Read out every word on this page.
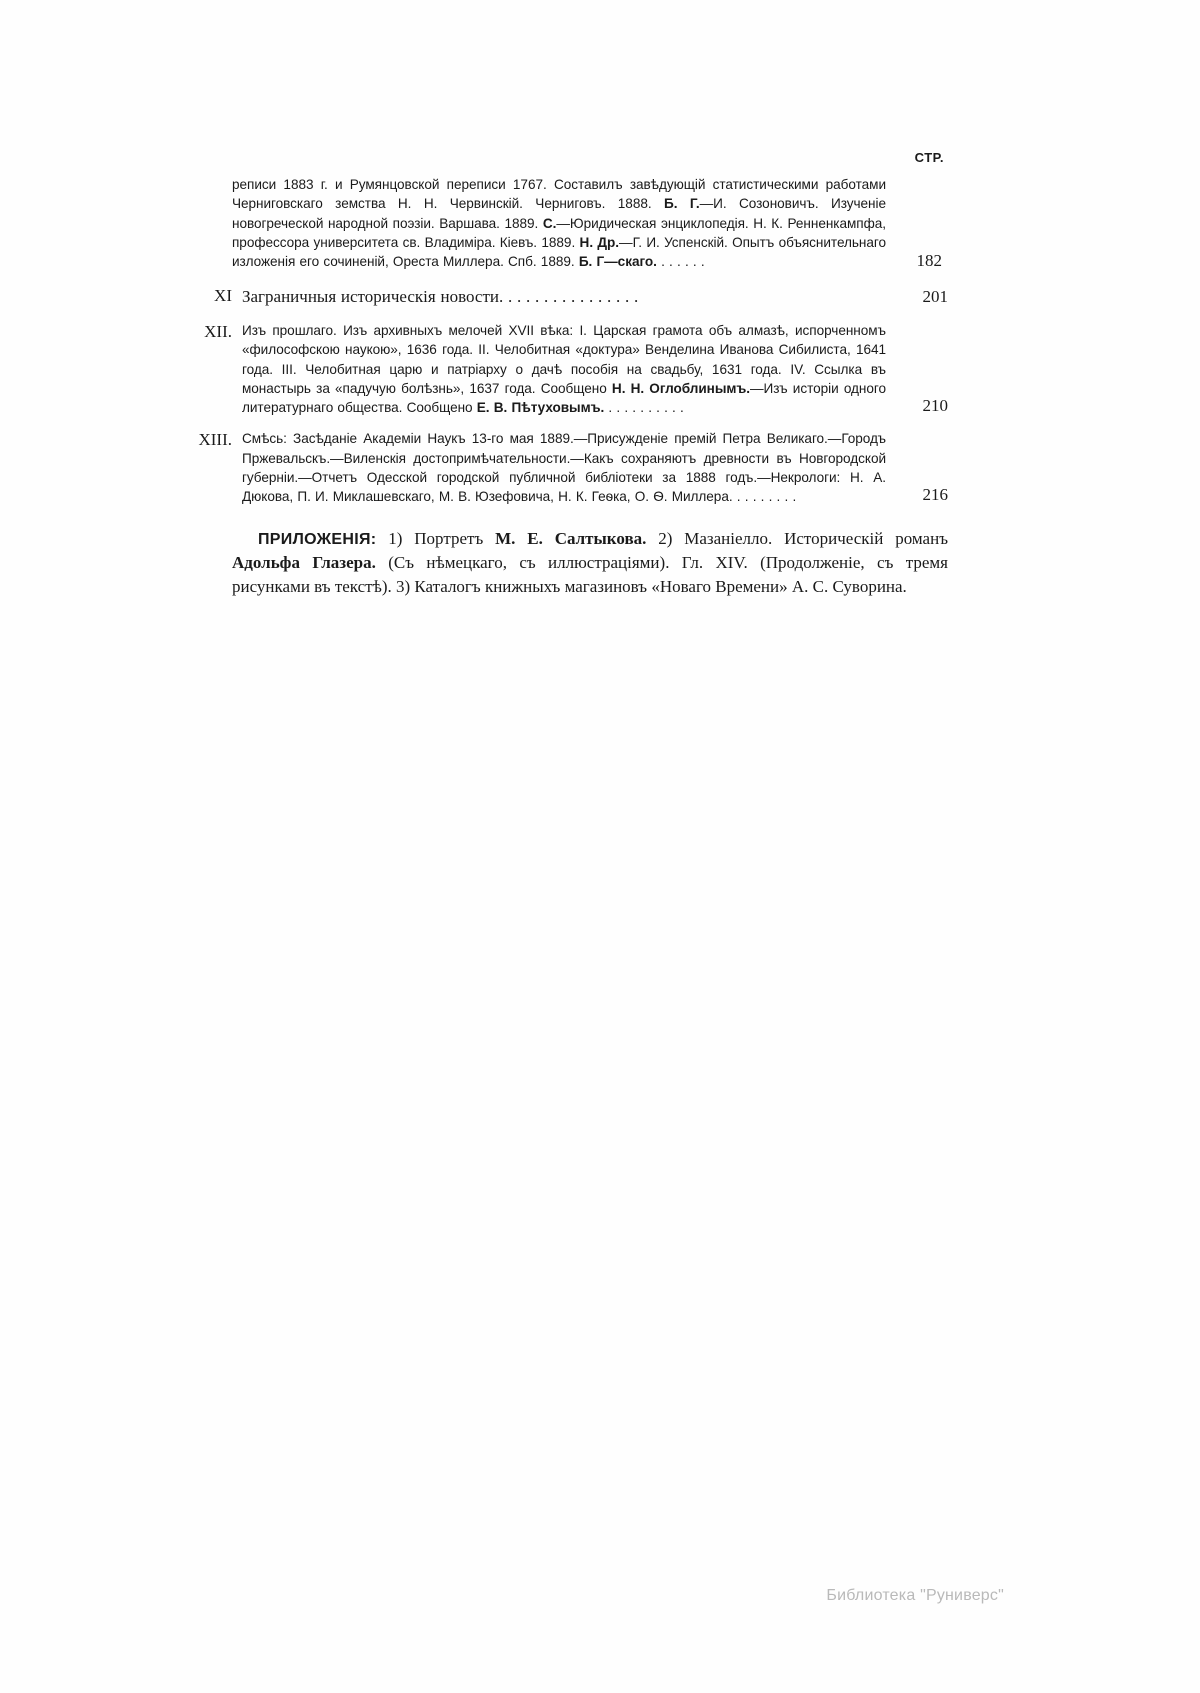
СТР.
реписи 1883 г. и Румянцовской переписи 1767. Составилъ завѣдующій статистическими работами Черниговскаго земства Н. Н. Червинскій. Черниговъ. 1888. Б. Г.—И. Созоновичъ. Изученіе новогреческой народной поэзіи. Варшава. 1889. С.—Юридическая энциклопедія. Н. К. Ренненкампфа, профессора университета св. Владиміра. Кіевъ. 1889. Н. Др.—Г. И. Успенскій. Опытъ объяснительнаго изложенія его сочиненій, Ореста Миллера. Спб. 1889. Б. Г—скаго. . . . . . .	182
XI Заграничныя историческія новости. . . . . . . . . . . . . . . .	201
XII. Изъ прошлаго. Изъ архивныхъ мелочей XVII вѣка: I. Царская грамота объ алмазѣ, испорченномъ «философскою наукою», 1636 года. II. Челобитная «доктура» Венделина Иванова Сибилиста, 1641 года. III. Челобитная царю и патріарху о дачѣ пособія на свадьбу, 1631 года. IV. Ссылка въ монастырь за «падучую болѣзнь», 1637 года. Сообщено Н. Н. Оглоблинымъ.—Изъ исторіи одного литературнаго общества. Сообщено Е. В. Пѣтуховымъ. . . . . . . . . . .	210
XIII. Смѣсь: Засѣданіе Академіи Наукъ 13-го мая 1889.—Присужденіе премій Петра Великаго.—Городъ Пржевальскъ.—Виленскія достопримѣчательности.—Какъ сохраняютъ древности въ Новгородской губерніи.—Отчетъ Одесской городской публичной библіотеки за 1888 годъ.—Некрологи: Н. А. Дюкова, П. И. Миклашевскаго, М. В. Юзефовича, Н. К. Геѳка, О. Ѳ. Миллера. . . . . . . . .	216
ПРИЛОЖЕНІЯ: 1) Портретъ М. Е. Салтыкова. 2) Мазаніелло. Историческій романъ Адольфа Глазера. (Съ нѣмецкаго, съ иллюстраціями). Гл. XIV. (Продолженіе, съ тремя рисунками въ текстѣ). 3) Каталогъ книжныхъ магазиновъ «Новаго Времени» А. С. Суворина.
Библиотека "Руниверс"
